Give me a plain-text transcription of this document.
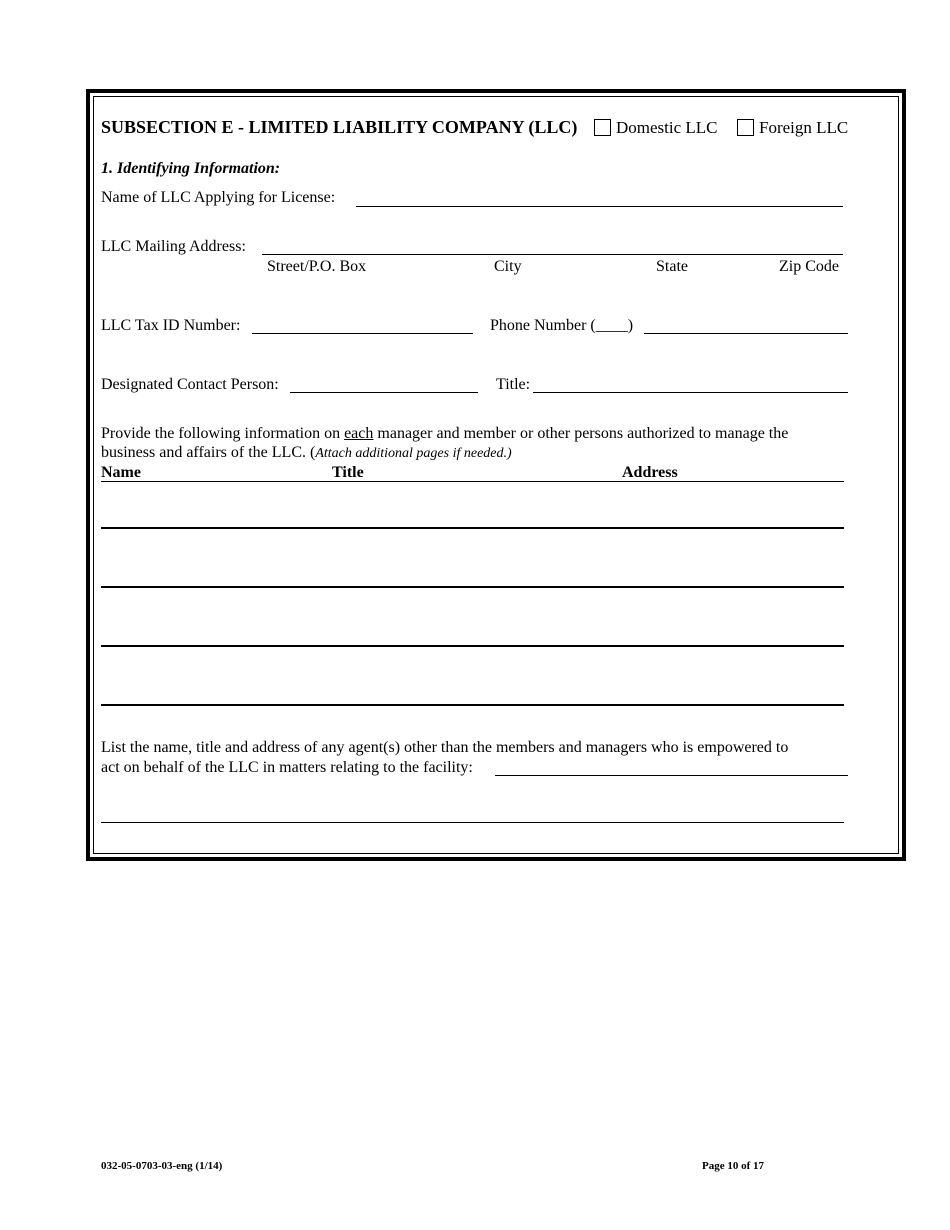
SUBSECTION E - LIMITED LIABILITY COMPANY (LLC) Domestic LLC Foreign LLC
1. Identifying Information:
Name of LLC Applying for License:
LLC Mailing Address:
Street/P.O. Box	City	State	Zip Code
LLC Tax ID Number:	Phone Number (____)
Designated Contact Person:	Title:
Provide the following information on each manager and member or other persons authorized to manage the
business and affairs of the LLC. (Attach additional pages if needed.)
Name	Title	Address
List the name, title and address of any agent(s) other than the members and managers who is empowered to
act on behalf of the LLC in matters relating to the facility:
032-05-0703-03-eng (1/14)	Page 10 of 17
